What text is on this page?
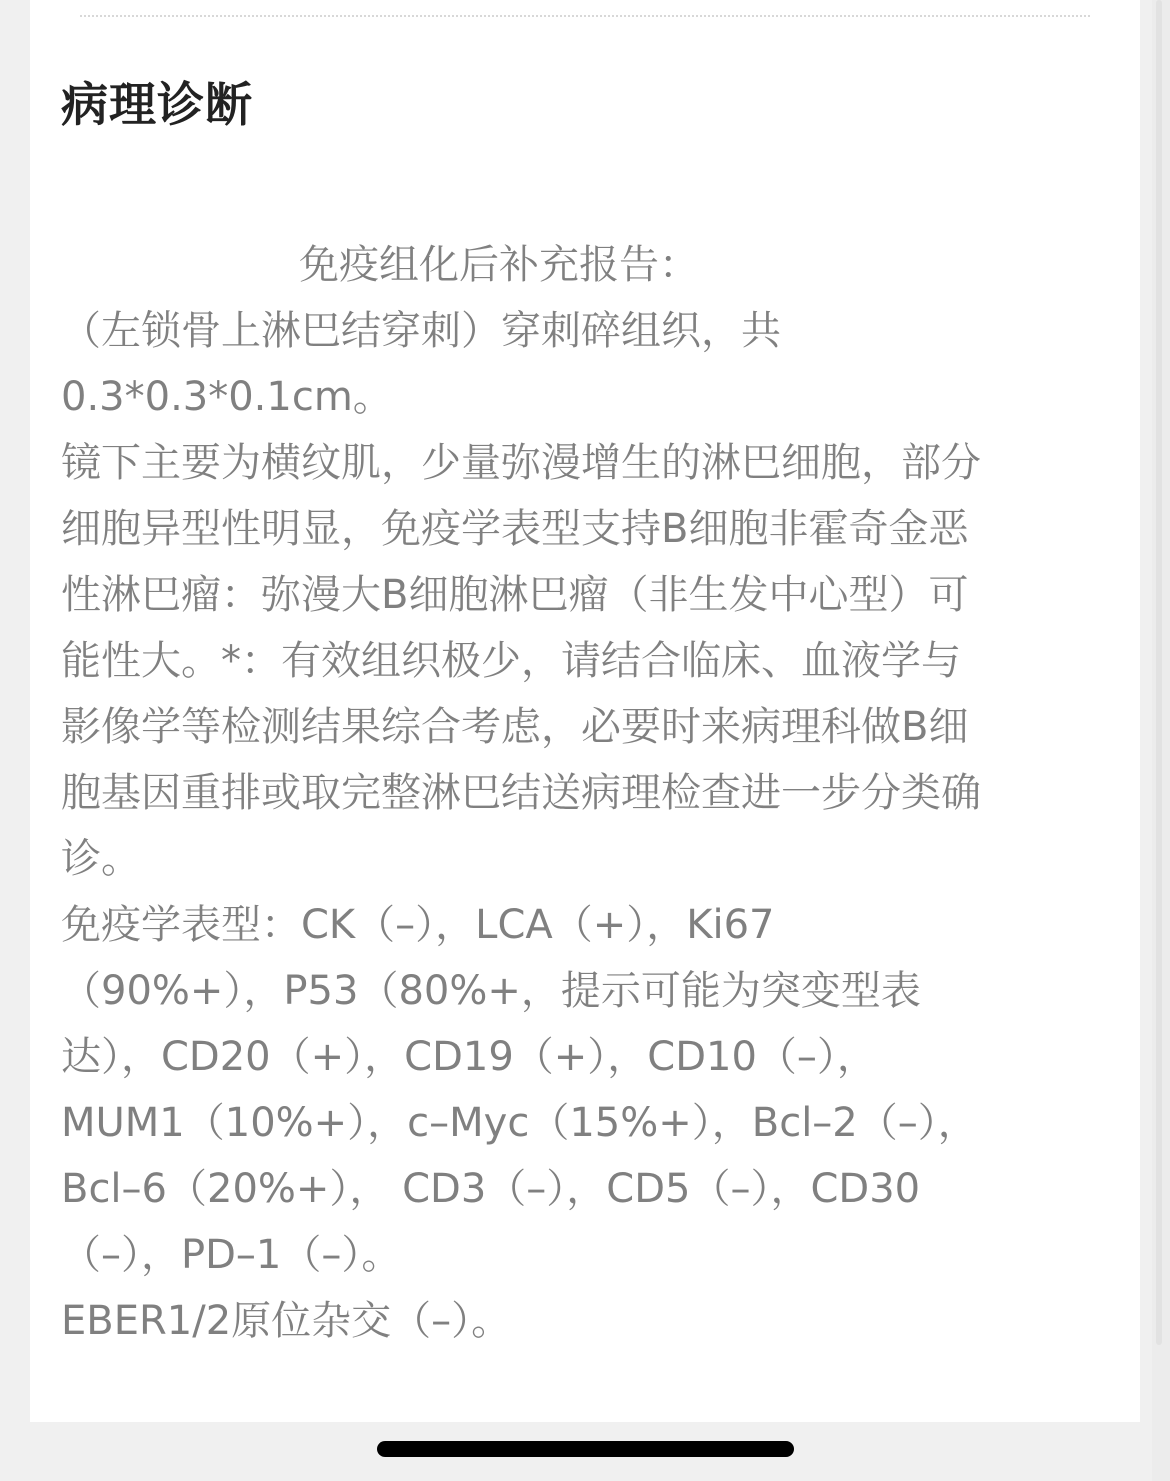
病理诊断
免疫组化后补充报告：
（左锁骨上淋巴结穿刺）穿刺碎组织，共
0.3*0.3*0.1cm。
镜下主要为横纹肌，少量弥漫增生的淋巴细胞，部分
细胞异型性明显，免疫学表型支持B细胞非霍奇金恶
性淋巴瘤：弥漫大B细胞淋巴瘤（非生发中心型）可
能性大。*：有效组织极少，请结合临床、血液学与
影像学等检测结果综合考虑，必要时来病理科做B细
胞基因重排或取完整淋巴结送病理检查进一步分类确
诊。
免疫学表型：CK（–），LCA（+），Ki67
（90%+），P53（80%+，提示可能为突变型表
达），CD20（+），CD19（+），CD10（–），
MUM1（10%+），c–Myc（15%+），Bcl–2（–），
Bcl–6（20%+）， CD3（–），CD5（–），CD30
（–），PD–1（–）。
EBER1/2原位杂交（–）。
